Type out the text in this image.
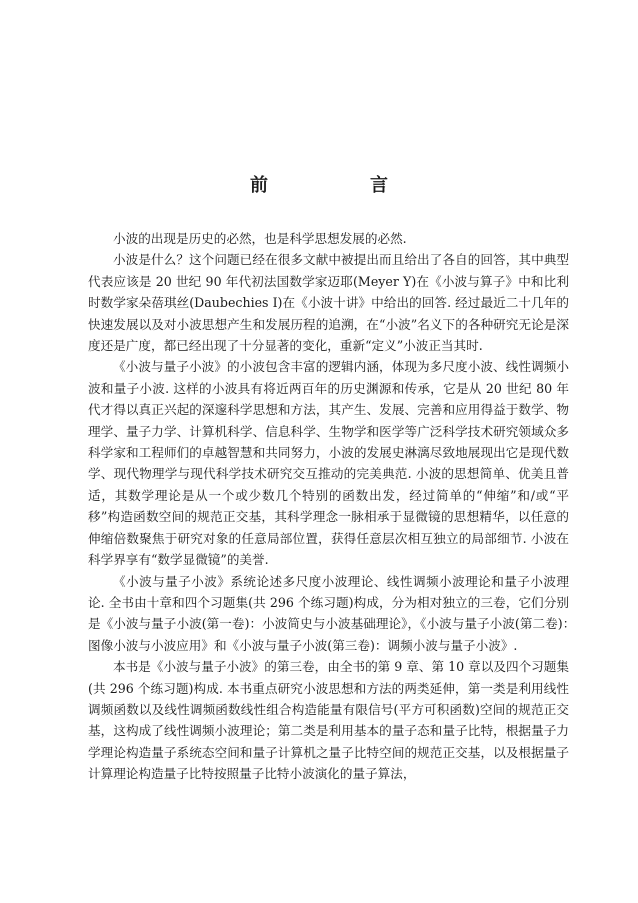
前　言

小波的出现是历史的必然，也是科学思想发展的必然.

小波是什么？这个问题已经在很多文献中被提出而且给出了各自的回答，其中典型代表应该是 20 世纪 90 年代初法国数学家迈耶(Meyer Y)在《小波与算子》中和比利时数学家朵蓓琪丝(Daubechies I)在《小波十讲》中给出的回答. 经过最近二十几年的快速发展以及对小波思想产生和发展历程的追溯，在“小波”名义下的各种研究无论是深度还是广度，都已经出现了十分显著的变化，重新“定义”小波正当其时.

《小波与量子小波》的小波包含丰富的逻辑内涵，体现为多尺度小波、线性调频小波和量子小波. 这样的小波具有将近两百年的历史渊源和传承，它是从 20 世纪 80 年代才得以真正兴起的深邃科学思想和方法，其产生、发展、完善和应用得益于数学、物理学、量子力学、计算机科学、信息科学、生物学和医学等广泛科学技术研究领域众多科学家和工程师们的卓越智慧和共同努力，小波的发展史淋漓尽致地展现出它是现代数学、现代物理学与现代科学技术研究交互推动的完美典范. 小波的思想简单、优美且普适，其数学理论是从一个或少数几个特别的函数出发，经过简单的“伸缩”和/或“平移”构造函数空间的规范正交基，其科学理念一脉相承于显微镜的思想精华，以任意的伸缩倍数聚焦于研究对象的任意局部位置，获得任意层次相互独立的局部细节. 小波在科学界享有“数学显微镜”的美誉.

《小波与量子小波》系统论述多尺度小波理论、线性调频小波理论和量子小波理论. 全书由十章和四个习题集(共 296 个练习题)构成，分为相对独立的三卷，它们分别是《小波与量子小波(第一卷)：小波简史与小波基础理论》，《小波与量子小波(第二卷)：　图像小波与小波应用》和《小波与量子小波(第三卷)：调频小波与量子小波》.

本书是《小波与量子小波》的第三卷，由全书的第 9 章、第 10 章以及四个习题集(共 296 个练习题)构成. 本书重点研究小波思想和方法的两类延伸，第一类是利用线性调频函数以及线性调频函数线性组合构造能量有限信号(平方可积函数)空间的规范正交基，这构成了线性调频小波理论；第二类是利用基本的量子态和量子比特，根据量子力学理论构造量子系统态空间和量子计算机之量子比特空间的规范正交基，以及根据量子计算理论构造量子比特按照量子比特小波演化的量子算法，
